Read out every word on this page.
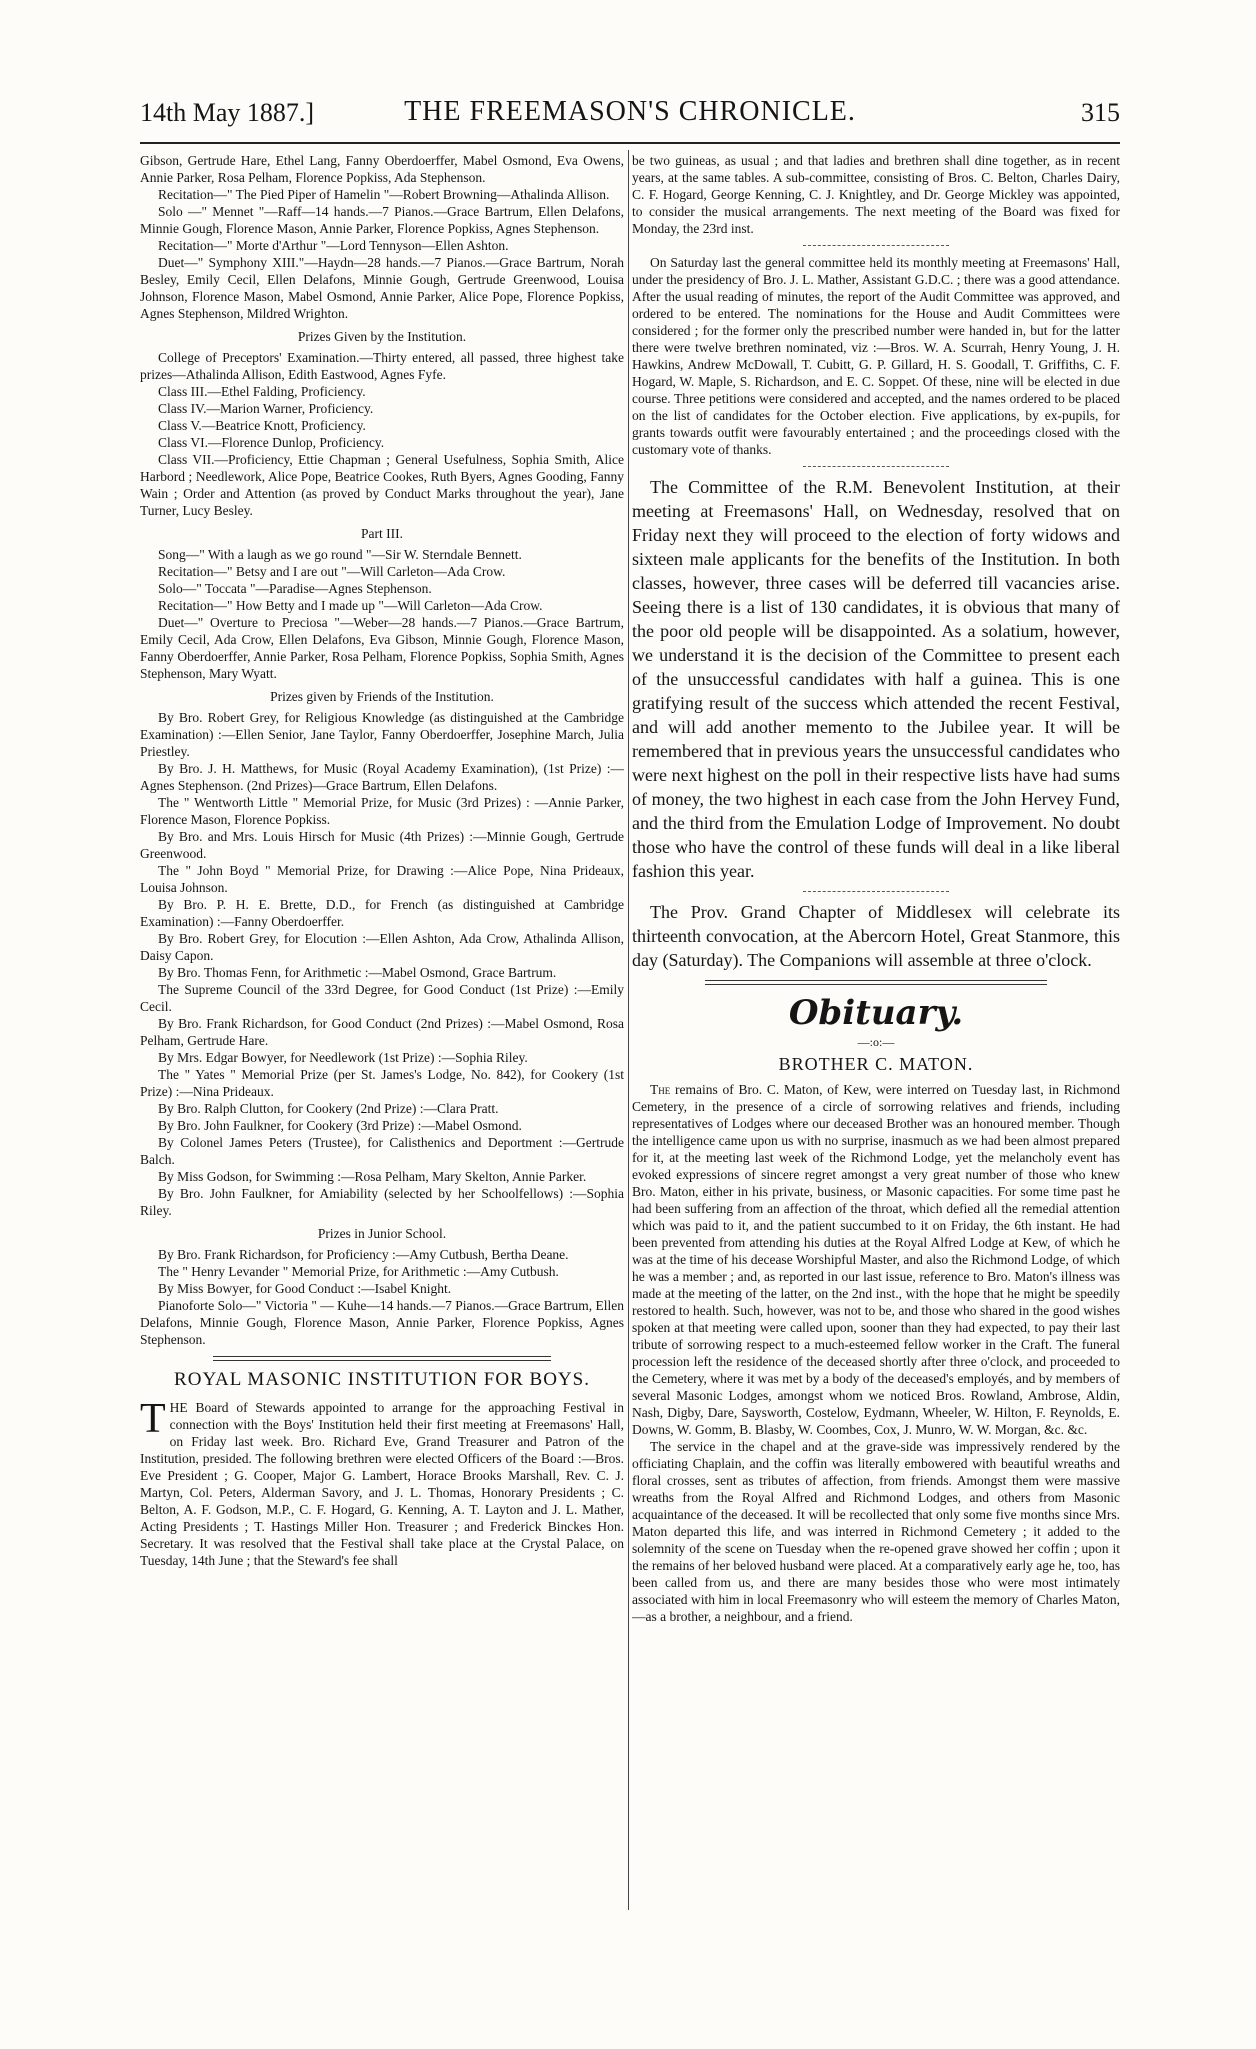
14th May 1887.]	THE FREEMASON'S CHRONICLE.	315

Gibson, Gertrude Hare, Ethel Lang, Fanny Oberdoerffer, Mabel Osmond, Eva Owens, Annie Parker, Rosa Pelham, Florence Popkiss, Ada Stephenson.

Recitation—" The Pied Piper of Hamelin "—Robert Browning—Athalinda Allison.

Solo —" Mennet "—Raff—14 hands.—7 Pianos.—Grace Bartrum, Ellen Delafons, Minnie Gough, Florence Mason, Annie Parker, Florence Popkiss, Agnes Stephenson.

Recitation—" Morte d'Arthur "—Lord Tennyson—Ellen Ashton.

Duet—" Symphony XIII."—Haydn—28 hands.—7 Pianos.—Grace Bartrum, Norah Besley, Emily Cecil, Ellen Delafons, Minnie Gough, Gertrude Greenwood, Louisa Johnson, Florence Mason, Mabel Osmond, Annie Parker, Alice Pope, Florence Popkiss, Agnes Stephenson, Mildred Wrighton.

Prizes Given by the Institution.

College of Preceptors' Examination.—Thirty entered, all passed, three highest take prizes—Athalinda Allison, Edith Eastwood, Agnes Fyfe.

Class III.—Ethel Falding, Proficiency.

Class IV.—Marion Warner, Proficiency.

Class V.—Beatrice Knott, Proficiency.

Class VI.—Florence Dunlop, Proficiency.

Class VII.—Proficiency, Ettie Chapman ; General Usefulness, Sophia Smith, Alice Harbord ; Needlework, Alice Pope, Beatrice Cookes, Ruth Byers, Agnes Gooding, Fanny Wain ; Order and Attention (as proved by Conduct Marks throughout the year), Jane Turner, Lucy Besley.

Part III.

Song—" With a laugh as we go round "—Sir W. Sterndale Bennett.

Recitation—" Betsy and I are out "—Will Carleton—Ada Crow.

Solo—" Toccata "—Paradise—Agnes Stephenson.

Recitation—" How Betty and I made up "—Will Carleton—Ada Crow.

Duet—" Overture to Preciosa "—Weber—28 hands.—7 Pianos.—Grace Bartrum, Emily Cecil, Ada Crow, Ellen Delafons, Eva Gibson, Minnie Gough, Florence Mason, Fanny Oberdoerffer, Annie Parker, Rosa Pelham, Florence Popkiss, Sophia Smith, Agnes Stephenson, Mary Wyatt.

Prizes given by Friends of the Institution.

By Bro. Robert Grey, for Religious Knowledge (as distinguished at the Cambridge Examination) :—Ellen Senior, Jane Taylor, Fanny Oberdoerffer, Josephine March, Julia Priestley.

By Bro. J. H. Matthews, for Music (Royal Academy Examination), (1st Prize) :—Agnes Stephenson. (2nd Prizes)—Grace Bartrum, Ellen Delafons.

The " Wentworth Little " Memorial Prize, for Music (3rd Prizes) : —Annie Parker, Florence Mason, Florence Popkiss.

By Bro. and Mrs. Louis Hirsch for Music (4th Prizes) :—Minnie Gough, Gertrude Greenwood.

The " John Boyd " Memorial Prize, for Drawing :—Alice Pope, Nina Prideaux, Louisa Johnson.

By Bro. P. H. E. Brette, D.D., for French (as distinguished at Cambridge Examination) :—Fanny Oberdoerffer.

By Bro. Robert Grey, for Elocution :—Ellen Ashton, Ada Crow, Athalinda Allison, Daisy Capon.

By Bro. Thomas Fenn, for Arithmetic :—Mabel Osmond, Grace Bartrum.

The Supreme Council of the 33rd Degree, for Good Conduct (1st Prize) :—Emily Cecil.

By Bro. Frank Richardson, for Good Conduct (2nd Prizes) :—Mabel Osmond, Rosa Pelham, Gertrude Hare.

By Mrs. Edgar Bowyer, for Needlework (1st Prize) :—Sophia Riley.

The " Yates " Memorial Prize (per St. James's Lodge, No. 842), for Cookery (1st Prize) :—Nina Prideaux.

By Bro. Ralph Clutton, for Cookery (2nd Prize) :—Clara Pratt.

By Bro. John Faulkner, for Cookery (3rd Prize) :—Mabel Osmond.

By Colonel James Peters (Trustee), for Calisthenics and Deportment :—Gertrude Balch.

By Miss Godson, for Swimming :—Rosa Pelham, Mary Skelton, Annie Parker.

By Bro. John Faulkner, for Amiability (selected by her Schoolfellows) :—Sophia Riley.

Prizes in Junior School.

By Bro. Frank Richardson, for Proficiency :—Amy Cutbush, Bertha Deane.

The " Henry Levander " Memorial Prize, for Arithmetic :—Amy Cutbush.

By Miss Bowyer, for Good Conduct :—Isabel Knight.

Pianoforte Solo—" Victoria " — Kuhe—14 hands.—7 Pianos.—Grace Bartrum, Ellen Delafons, Minnie Gough, Florence Mason, Annie Parker, Florence Popkiss, Agnes Stephenson.

ROYAL MASONIC INSTITUTION FOR BOYS.

THE Board of Stewards appointed to arrange for the approaching Festival in connection with the Boys' Institution held their first meeting at Freemasons' Hall, on Friday last week. Bro. Richard Eve, Grand Treasurer and Patron of the Institution, presided. The following brethren were elected Officers of the Board :—Bros. Eve President ; G. Cooper, Major G. Lambert, Horace Brooks Marshall, Rev. C. J. Martyn, Col. Peters, Alderman Savory, and J. L. Thomas, Honorary Presidents ; C. Belton, A. F. Godson, M.P., C. F. Hogard, G. Kenning, A. T. Layton and J. L. Mather, Acting Presidents ; T. Hastings Miller Hon. Treasurer ; and Frederick Binckes Hon. Secretary. It was resolved that the Festival shall take place at the Crystal Palace, on Tuesday, 14th June ; that the Steward's fee shall

be two guineas, as usual ; and that ladies and brethren shall dine together, as in recent years, at the same tables. A sub-committee, consisting of Bros. C. Belton, Charles Dairy, C. F. Hogard, George Kenning, C. J. Knightley, and Dr. George Mickley was appointed, to consider the musical arrangements. The next meeting of the Board was fixed for Monday, the 23rd inst.

On Saturday last the general committee held its monthly meeting at Freemasons' Hall, under the presidency of Bro. J. L. Mather, Assistant G.D.C. ; there was a good attendance. After the usual reading of minutes, the report of the Audit Committee was approved, and ordered to be entered. The nominations for the House and Audit Committees were considered ; for the former only the prescribed number were handed in, but for the latter there were twelve brethren nominated, viz :—Bros. W. A. Scurrah, Henry Young, J. H. Hawkins, Andrew McDowall, T. Cubitt, G. P. Gillard, H. S. Goodall, T. Griffiths, C. F. Hogard, W. Maple, S. Richardson, and E. C. Soppet. Of these, nine will be elected in due course. Three petitions were considered and accepted, and the names ordered to be placed on the list of candidates for the October election. Five applications, by ex-pupils, for grants towards outfit were favourably entertained ; and the proceedings closed with the customary vote of thanks.

The Committee of the R.M. Benevolent Institution, at their meeting at Freemasons' Hall, on Wednesday, resolved that on Friday next they will proceed to the election of forty widows and sixteen male applicants for the benefits of the Institution. In both classes, however, three cases will be deferred till vacancies arise. Seeing there is a list of 130 candidates, it is obvious that many of the poor old people will be disappointed. As a solatium, however, we understand it is the decision of the Committee to present each of the unsuccessful candidates with half a guinea. This is one gratifying result of the success which attended the recent Festival, and will add another memento to the Jubilee year. It will be remembered that in previous years the unsuccessful candidates who were next highest on the poll in their respective lists have had sums of money, the two highest in each case from the John Hervey Fund, and the third from the Emulation Lodge of Improvement. No doubt those who have the control of these funds will deal in a like liberal fashion this year.

The Prov. Grand Chapter of Middlesex will celebrate its thirteenth convocation, at the Abercorn Hotel, Great Stanmore, this day (Saturday). The Companions will assemble at three o'clock.

Obituary.

—:o:—

BROTHER C. MATON.

The remains of Bro. C. Maton, of Kew, were interred on Tuesday last, in Richmond Cemetery, in the presence of a circle of sorrowing relatives and friends, including representatives of Lodges where our deceased Brother was an honoured member. Though the intelligence came upon us with no surprise, inasmuch as we had been almost prepared for it, at the meeting last week of the Richmond Lodge, yet the melancholy event has evoked expressions of sincere regret amongst a very great number of those who knew Bro. Maton, either in his private, business, or Masonic capacities. For some time past he had been suffering from an affection of the throat, which defied all the remedial attention which was paid to it, and the patient succumbed to it on Friday, the 6th instant. He had been prevented from attending his duties at the Royal Alfred Lodge at Kew, of which he was at the time of his decease Worshipful Master, and also the Richmond Lodge, of which he was a member ; and, as reported in our last issue, reference to Bro. Maton's illness was made at the meeting of the latter, on the 2nd inst., with the hope that he might be speedily restored to health. Such, however, was not to be, and those who shared in the good wishes spoken at that meeting were called upon, sooner than they had expected, to pay their last tribute of sorrowing respect to a much-esteemed fellow worker in the Craft. The funeral procession left the residence of the deceased shortly after three o'clock, and proceeded to the Cemetery, where it was met by a body of the deceased's employés, and by members of several Masonic Lodges, amongst whom we noticed Bros. Rowland, Ambrose, Aldin, Nash, Digby, Dare, Saysworth, Costelow, Eydmann, Wheeler, W. Hilton, F. Reynolds, E. Downs, W. Gomm, B. Blasby, W. Coombes, Cox, J. Munro, W. W. Morgan, &c. &c.

The service in the chapel and at the grave-side was impressively rendered by the officiating Chaplain, and the coffin was literally embowered with beautiful wreaths and floral crosses, sent as tributes of affection, from friends. Amongst them were massive wreaths from the Royal Alfred and Richmond Lodges, and others from Masonic acquaintance of the deceased. It will be recollected that only some five months since Mrs. Maton departed this life, and was interred in Richmond Cemetery ; it added to the solemnity of the scene on Tuesday when the re-opened grave showed her coffin ; upon it the remains of her beloved husband were placed. At a comparatively early age he, too, has been called from us, and there are many besides those who were most intimately associated with him in local Freemasonry who will esteem the memory of Charles Maton,—as a brother, a neighbour, and a friend.
